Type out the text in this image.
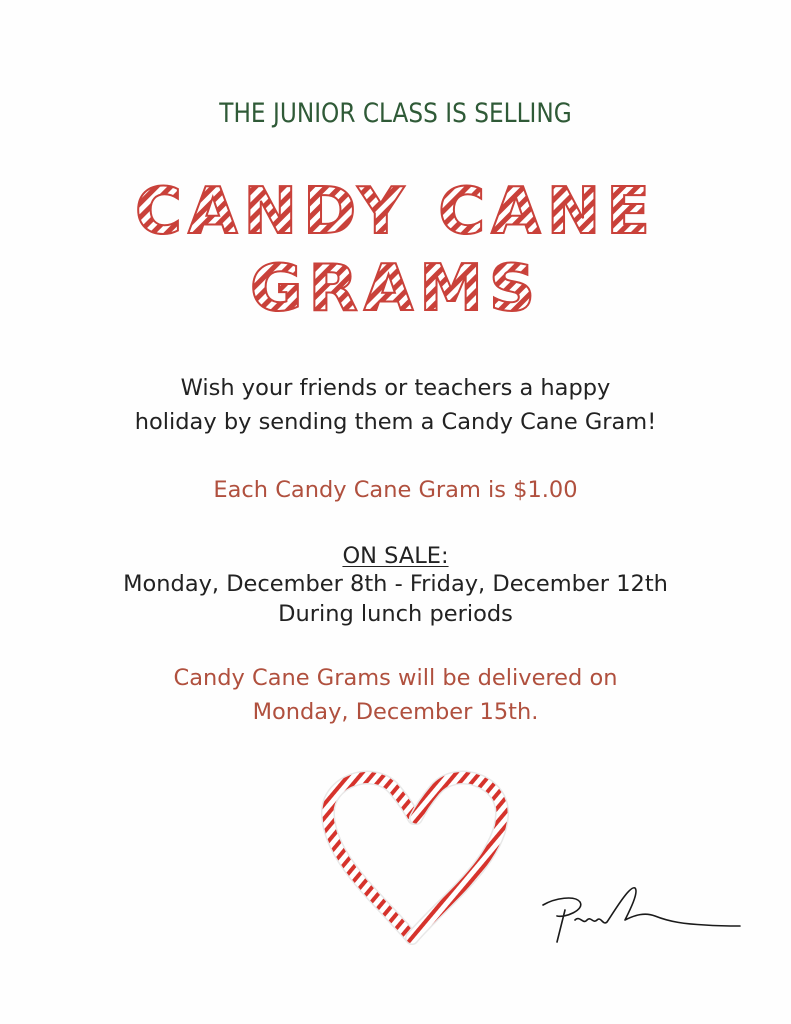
THE JUNIOR CLASS IS SELLING
CANDY CANE
GRAMS
Wish your friends or teachers a happy
holiday by sending them a Candy Cane Gram!
Each Candy Cane Gram is $1.00
ON SALE:
Monday, December 8th - Friday, December 12th
During lunch periods
Candy Cane Grams will be delivered on
Monday, December 15th.
